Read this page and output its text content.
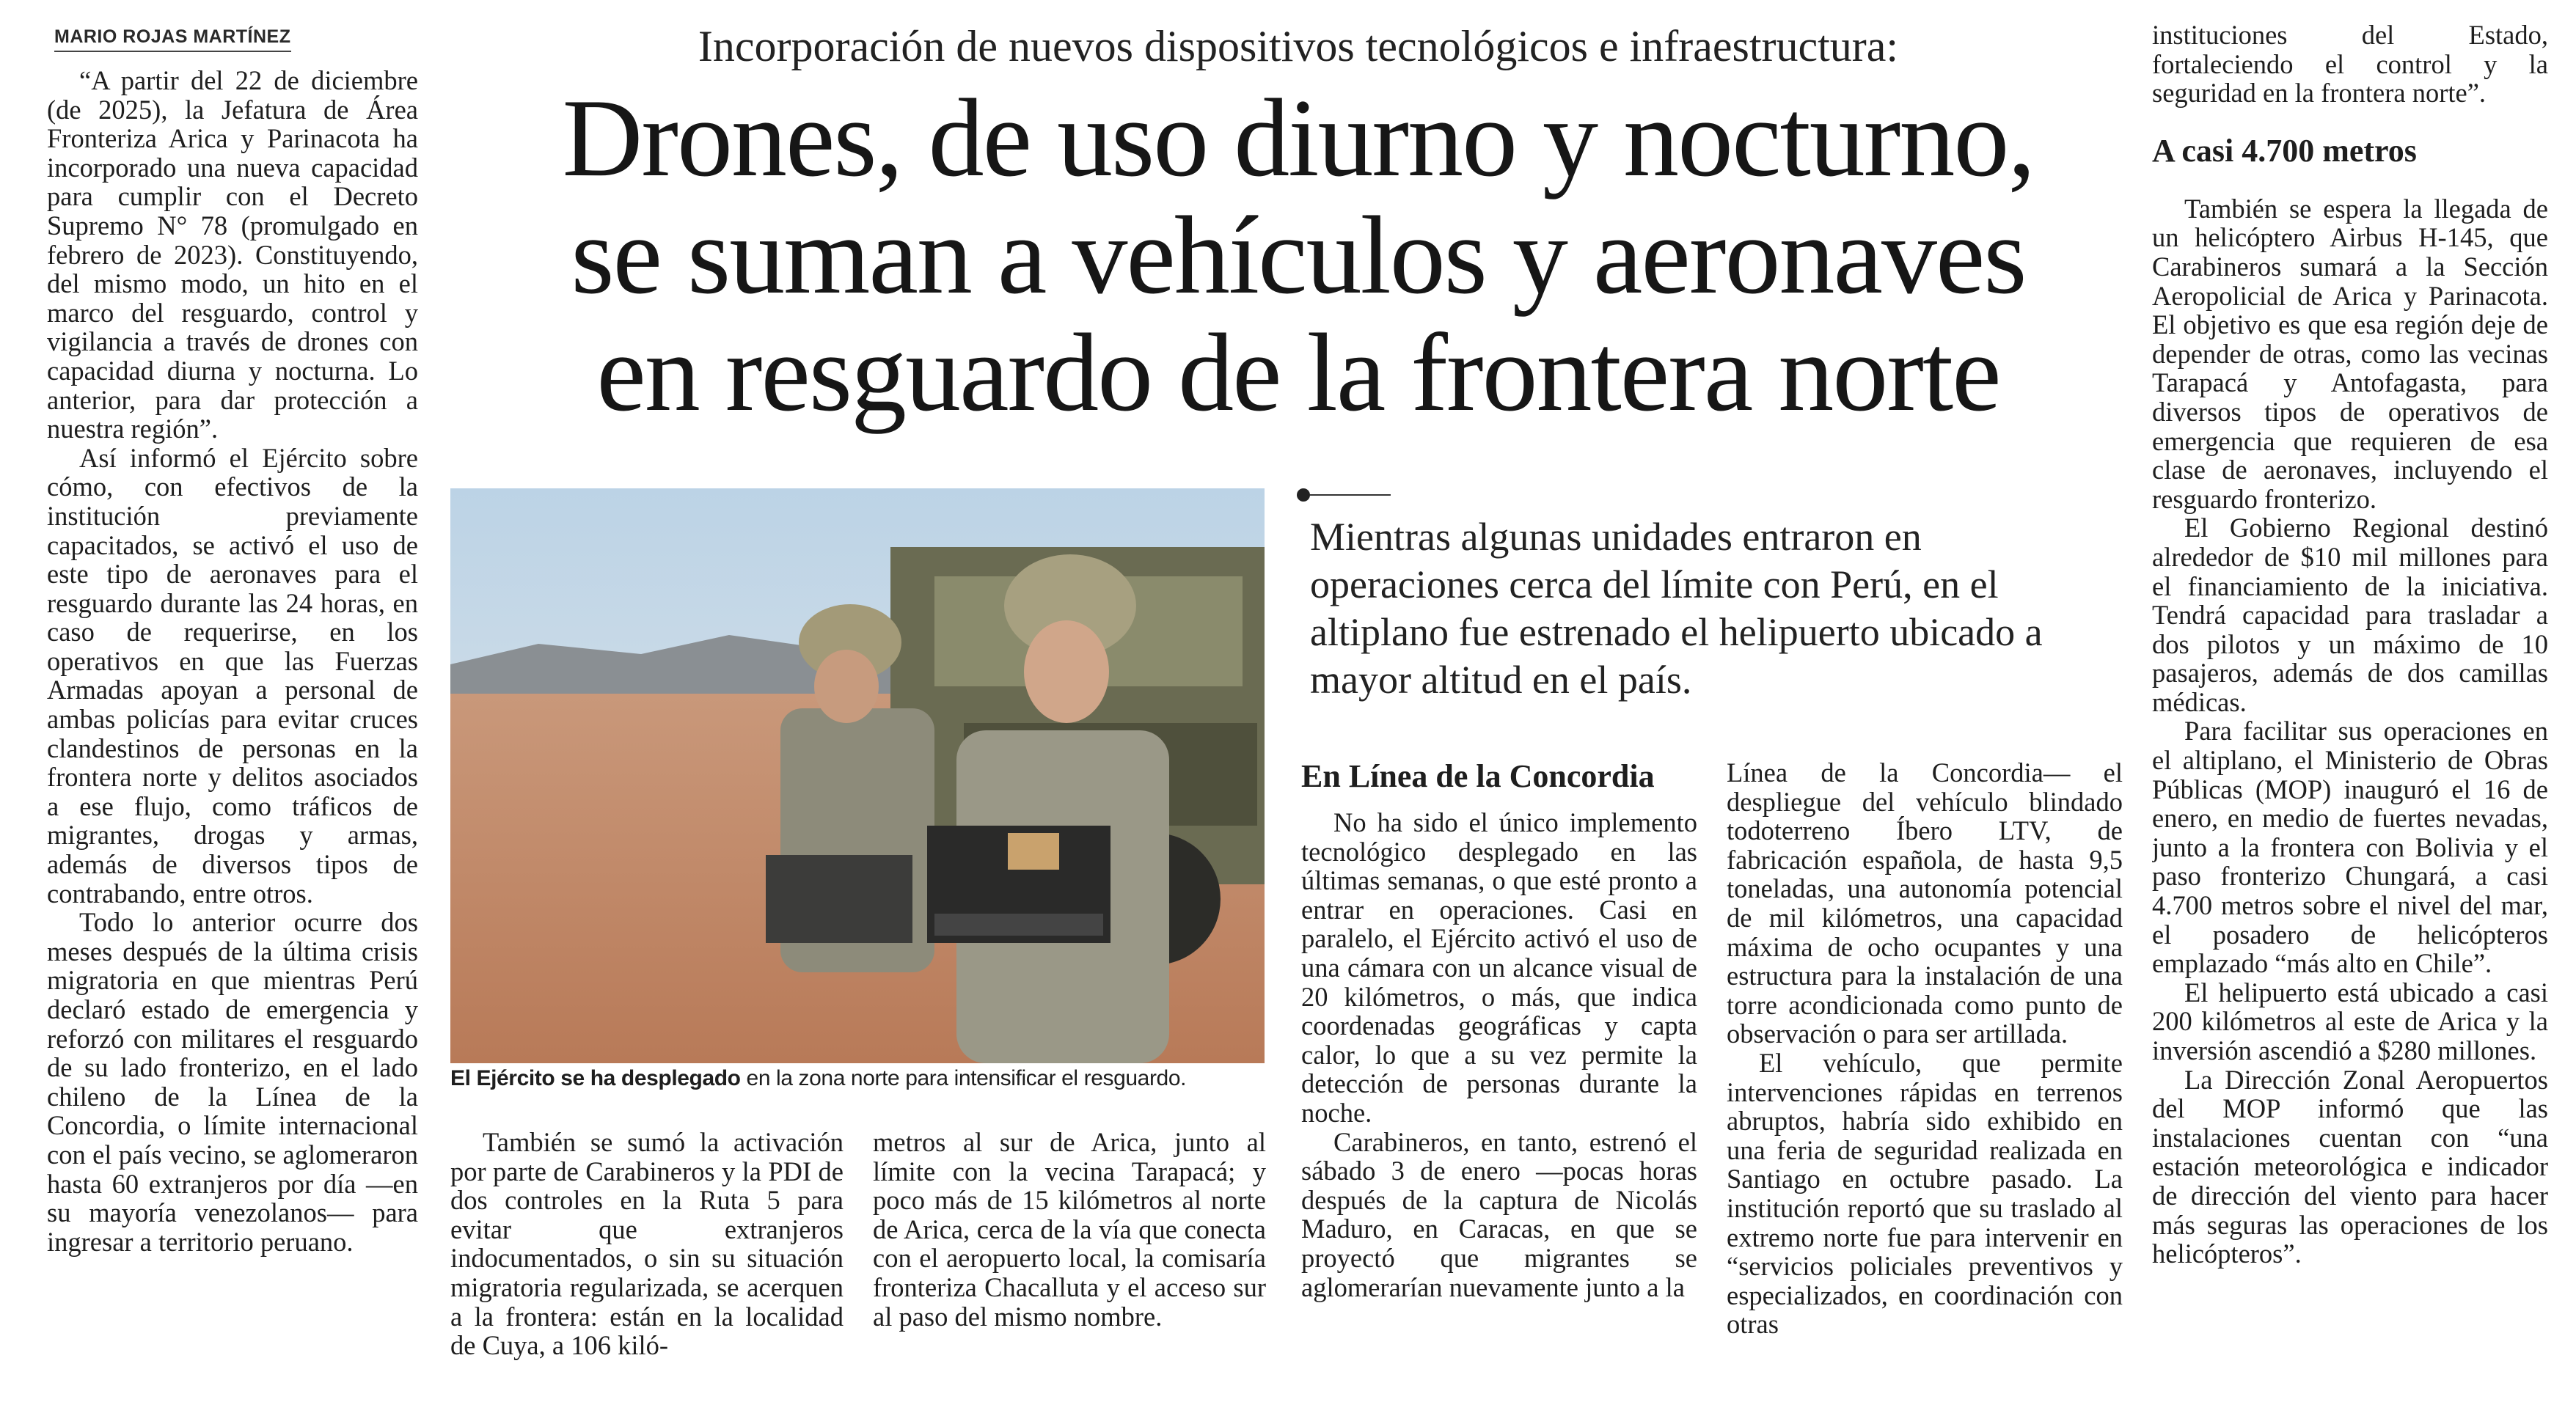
MARIO ROJAS MARTÍNEZ

“A partir del 22 de diciembre (de 2025), la Jefatura de Área Fronteriza Arica y Parinacota ha incorporado una nueva capacidad para cumplir con el Decreto Supremo N° 78 (promulgado en febrero de 2023). Constituyendo, del mismo modo, un hito en el marco del resguardo, control y vigilancia a través de drones con capacidad diurna y nocturna. Lo anterior, para dar protección a nuestra región”.

Así informó el Ejército sobre cómo, con efectivos de la institución previamente capacitados, se activó el uso de este tipo de aeronaves para el resguardo durante las 24 horas, en caso de requerirse, en los operativos en que las Fuerzas Armadas apoyan a personal de ambas policías para evitar cruces clandestinos de personas en la frontera norte y delitos asociados a ese flujo, como tráficos de migrantes, drogas y armas, además de diversos tipos de contrabando, entre otros.

Todo lo anterior ocurre dos meses después de la última crisis migratoria en que mientras Perú declaró estado de emergencia y reforzó con militares el resguardo de su lado fronterizo, en el lado chileno de la Línea de la Concordia, o límite internacional con el país vecino, se aglomeraron hasta 60 extranjeros por día —en su mayoría venezolanos— para ingresar a territorio peruano.

Incorporación de nuevos dispositivos tecnológicos e infraestructura:
Drones, de uso diurno y nocturno,
se suman a vehículos y aeronaves
en resguardo de la frontera norte
El Ejército se ha desplegado en la zona norte para intensificar el resguardo.

También se sumó la activación por parte de Carabineros y la PDI de dos controles en la Ruta 5 para evitar que extranjeros indocumentados, o sin su situación migratoria regularizada, se acerquen a la frontera: están en la localidad de Cuya, a 106 kiló-

metros al sur de Arica, junto al límite con la vecina Tarapacá; y poco más de 15 kilómetros al norte de Arica, cerca de la vía que conecta con el aeropuerto local, la comisaría fronteriza Chacalluta y el acceso sur al paso del mismo nombre.

Mientras algunas unidades entraron en operaciones cerca del límite con Perú, en el altiplano fue estrenado el helipuerto ubicado a mayor altitud en el país.
En Línea de la Concordia

No ha sido el único implemento tecnológico desplegado en las últimas semanas, o que esté pronto a entrar en operaciones. Casi en paralelo, el Ejército activó el uso de una cámara con un alcance visual de 20 kilómetros, o más, que indica coordenadas geográficas y capta calor, lo que a su vez permite la detección de personas durante la noche.

Carabineros, en tanto, estrenó el sábado 3 de enero —pocas horas después de la captura de Nicolás Maduro, en Caracas, en que se proyectó que migrantes se aglomerarían nuevamente junto a la

Línea de la Concordia— el despliegue del vehículo blindado todoterreno Íbero LTV, de fabricación española, de hasta 9,5 toneladas, una autonomía potencial de mil kilómetros, una capacidad máxima de ocho ocupantes y una estructura para la instalación de una torre acondicionada como punto de observación o para ser artillada.

El vehículo, que permite intervenciones rápidas en terrenos abruptos, habría sido exhibido en una feria de seguridad realizada en Santiago en octubre pasado. La institución reportó que su traslado al extremo norte fue para intervenir en “servicios policiales preventivos y especializados, en coordinación con otras

instituciones del Estado, fortaleciendo el control y la seguridad en la frontera norte”.

A casi 4.700 metros

También se espera la llegada de un helicóptero Airbus H-145, que Carabineros sumará a la Sección Aeropolicial de Arica y Parinacota. El objetivo es que esa región deje de depender de otras, como las vecinas Tarapacá y Antofagasta, para diversos tipos de operativos de emergencia que requieren de esa clase de aeronaves, incluyendo el resguardo fronterizo.

El Gobierno Regional destinó alrededor de $10 mil millones para el financiamiento de la iniciativa. Tendrá capacidad para trasladar a dos pilotos y un máximo de 10 pasajeros, además de dos camillas médicas.

Para facilitar sus operaciones en el altiplano, el Ministerio de Obras Públicas (MOP) inauguró el 16 de enero, en medio de fuertes nevadas, junto a la frontera con Bolivia y el paso fronterizo Chungará, a casi 4.700 metros sobre el nivel del mar, el posadero de helicópteros emplazado “más alto en Chile”.

El helipuerto está ubicado a casi 200 kilómetros al este de Arica y la inversión ascendió a $280 millones.

La Dirección Zonal Aeropuertos del MOP informó que las instalaciones cuentan con “una estación meteorológica e indicador de dirección del viento para hacer más seguras las operaciones de los helicópteros”.
